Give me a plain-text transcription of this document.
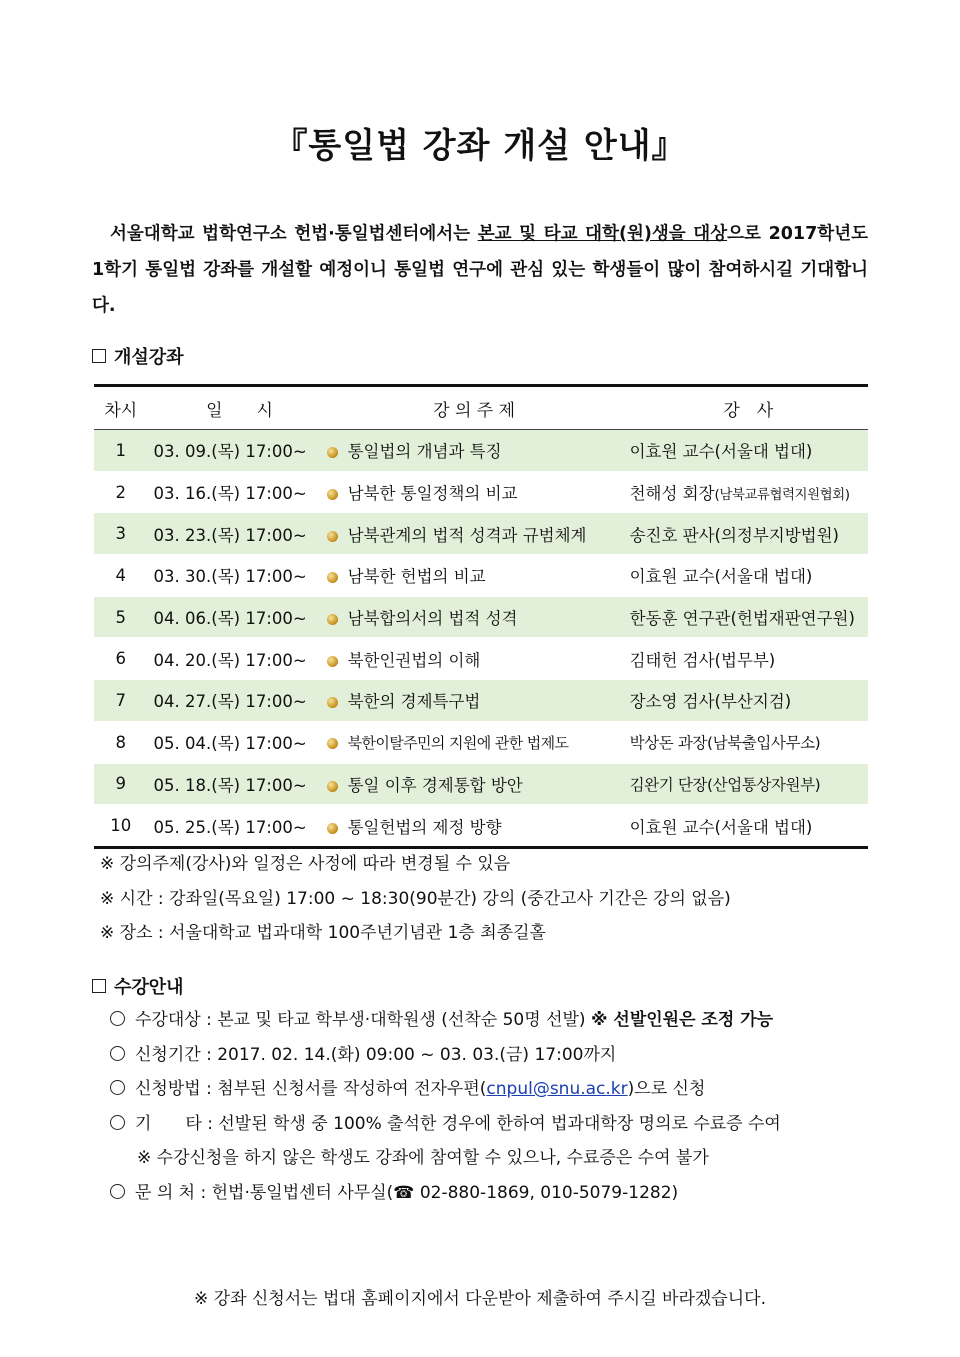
『통일법 강좌 개설 안내』

서울대학교 법학연구소 헌법·통일법센터에서는 본교 및 타교 대학(원)생을 대상으로 2017학년도 1학기 통일법 강좌를 개설할 예정이니 통일법 연구에 관심 있는 학생들이 많이 참여하시길 기대합니다.

개설강좌
차시	일　　시	강 의 주 제	강　사
1	03. 09.(목) 17:00~	통일법의 개념과 특징	이효원 교수(서울대 법대)
2	03. 16.(목) 17:00~	남북한 통일정책의 비교	천해성 회장(남북교류협력지원협회)
3	03. 23.(목) 17:00~	남북관계의 법적 성격과 규범체계	송진호 판사(의정부지방법원)
4	03. 30.(목) 17:00~	남북한 헌법의 비교	이효원 교수(서울대 법대)
5	04. 06.(목) 17:00~	남북합의서의 법적 성격	한동훈 연구관(헌법재판연구원)
6	04. 20.(목) 17:00~	북한인권법의 이해	김태헌 검사(법무부)
7	04. 27.(목) 17:00~	북한의 경제특구법	장소영 검사(부산지검)
8	05. 04.(목) 17:00~	북한이탈주민의 지원에 관한 법제도	박상돈 과장(남북출입사무소)
9	05. 18.(목) 17:00~	통일 이후 경제통합 방안	김완기 단장(산업통상자원부)
10	05. 25.(목) 17:00~	통일헌법의 제정 방향	이효원 교수(서울대 법대)
※ 강의주제(강사)와 일정은 사정에 따라 변경될 수 있음
※ 시간 : 강좌일(목요일) 17:00 ~ 18:30(90분간) 강의 (중간고사 기간은 강의 없음)
※ 장소 : 서울대학교 법과대학 100주년기념관 1층 최종길홀
수강안내
수강대상 : 본교 및 타교 학부생·대학원생 (선착순 50명 선발) ※ 선발인원은 조정 가능
신청기간 : 2017. 02. 14.(화) 09:00 ~ 03. 03.(금) 17:00까지
신청방법 : 첨부된 신청서를 작성하여 전자우편(cnpul@snu.ac.kr)으로 신청
기　　타 : 선발된 학생 중 100% 출석한 경우에 한하여 법과대학장 명의로 수료증 수여
※ 수강신청을 하지 않은 학생도 강좌에 참여할 수 있으나, 수료증은 수여 불가
문 의 처 : 헌법·통일법센터 사무실(☎ 02-880-1869, 010-5079-1282)
※ 강좌 신청서는 법대 홈페이지에서 다운받아 제출하여 주시길 바라겠습니다.
